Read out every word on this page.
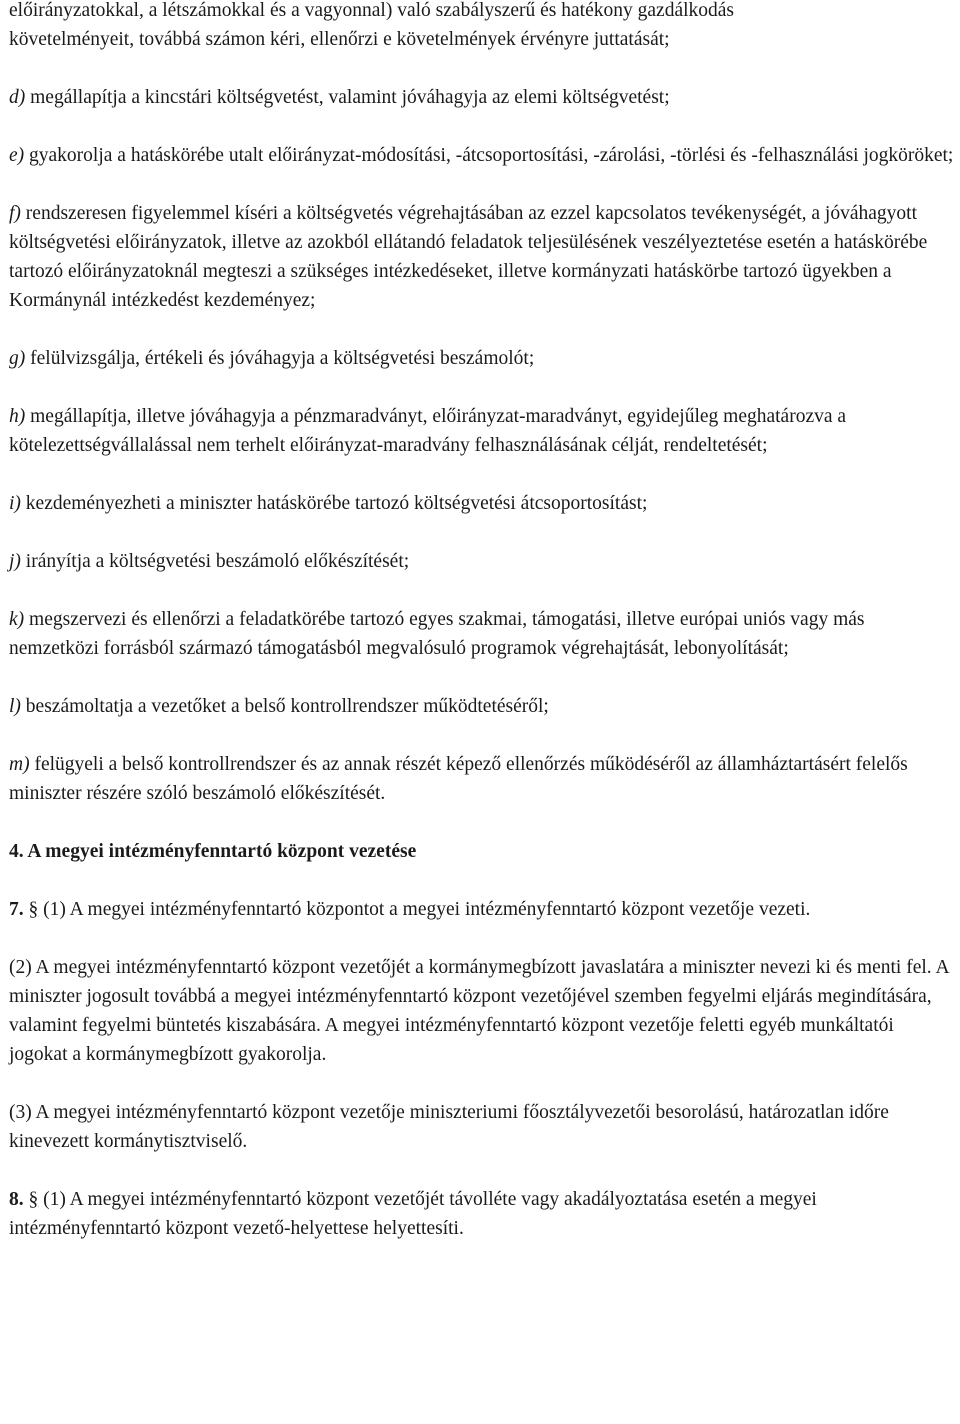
előirányzatokkal, a létszámokkal és a vagyonnal) való szabályszerű és hatékony gazdálkodás
követelményeit, továbbá számon kéri, ellenőrzi e követelmények érvényre juttatását;

d) megállapítja a kincstári költségvetést, valamint jóváhagyja az elemi költségvetést;

e) gyakorolja a hatáskörébe utalt előirányzat-módosítási, -átcsoportosítási, -zárolási, -törlési és -felhasználási jogköröket;

f) rendszeresen figyelemmel kíséri a költségvetés végrehajtásában az ezzel kapcsolatos tevékenységét, a jóváhagyott költségvetési előirányzatok, illetve az azokból ellátandó feladatok teljesülésének veszélyeztetése esetén a hatáskörébe tartozó előirányzatoknál megteszi a szükséges intézkedéseket, illetve kormányzati hatáskörbe tartozó ügyekben a Kormánynál intézkedést kezdeményez;

g) felülvizsgálja, értékeli és jóváhagyja a költségvetési beszámolót;

h) megállapítja, illetve jóváhagyja a pénzmaradványt, előirányzat-maradványt, egyidejűleg meghatározva a kötelezettségvállalással nem terhelt előirányzat-maradvány felhasználásának célját, rendeltetését;

i) kezdeményezheti a miniszter hatáskörébe tartozó költségvetési átcsoportosítást;

j) irányítja a költségvetési beszámoló előkészítését;

k) megszervezi és ellenőrzi a feladatkörébe tartozó egyes szakmai, támogatási, illetve európai uniós vagy más nemzetközi forrásból származó támogatásból megvalósuló programok végrehajtását, lebonyolítását;

l) beszámoltatja a vezetőket a belső kontrollrendszer működtetéséről;

m) felügyeli a belső kontrollrendszer és az annak részét képező ellenőrzés működéséről az államháztartásért felelős miniszter részére szóló beszámoló előkészítését.

4. A megyei intézményfenntartó központ vezetése

7. § (1) A megyei intézményfenntartó központot a megyei intézményfenntartó központ vezetője vezeti.

(2) A megyei intézményfenntartó központ vezetőjét a kormánymegbízott javaslatára a miniszter nevezi ki és menti fel. A miniszter jogosult továbbá a megyei intézményfenntartó központ vezetőjével szemben fegyelmi eljárás megindítására, valamint fegyelmi büntetés kiszabására. A megyei intézményfenntartó központ vezetője feletti egyéb munkáltatói jogokat a kormánymegbízott gyakorolja.

(3) A megyei intézményfenntartó központ vezetője miniszteriumi főosztályvezetői besorolású, határozatlan időre kinevezett kormánytisztviselő.

8. § (1) A megyei intézményfenntartó központ vezetőjét távolléte vagy akadályoztatása esetén a megyei intézményfenntartó központ vezető-helyettese helyettesíti.
